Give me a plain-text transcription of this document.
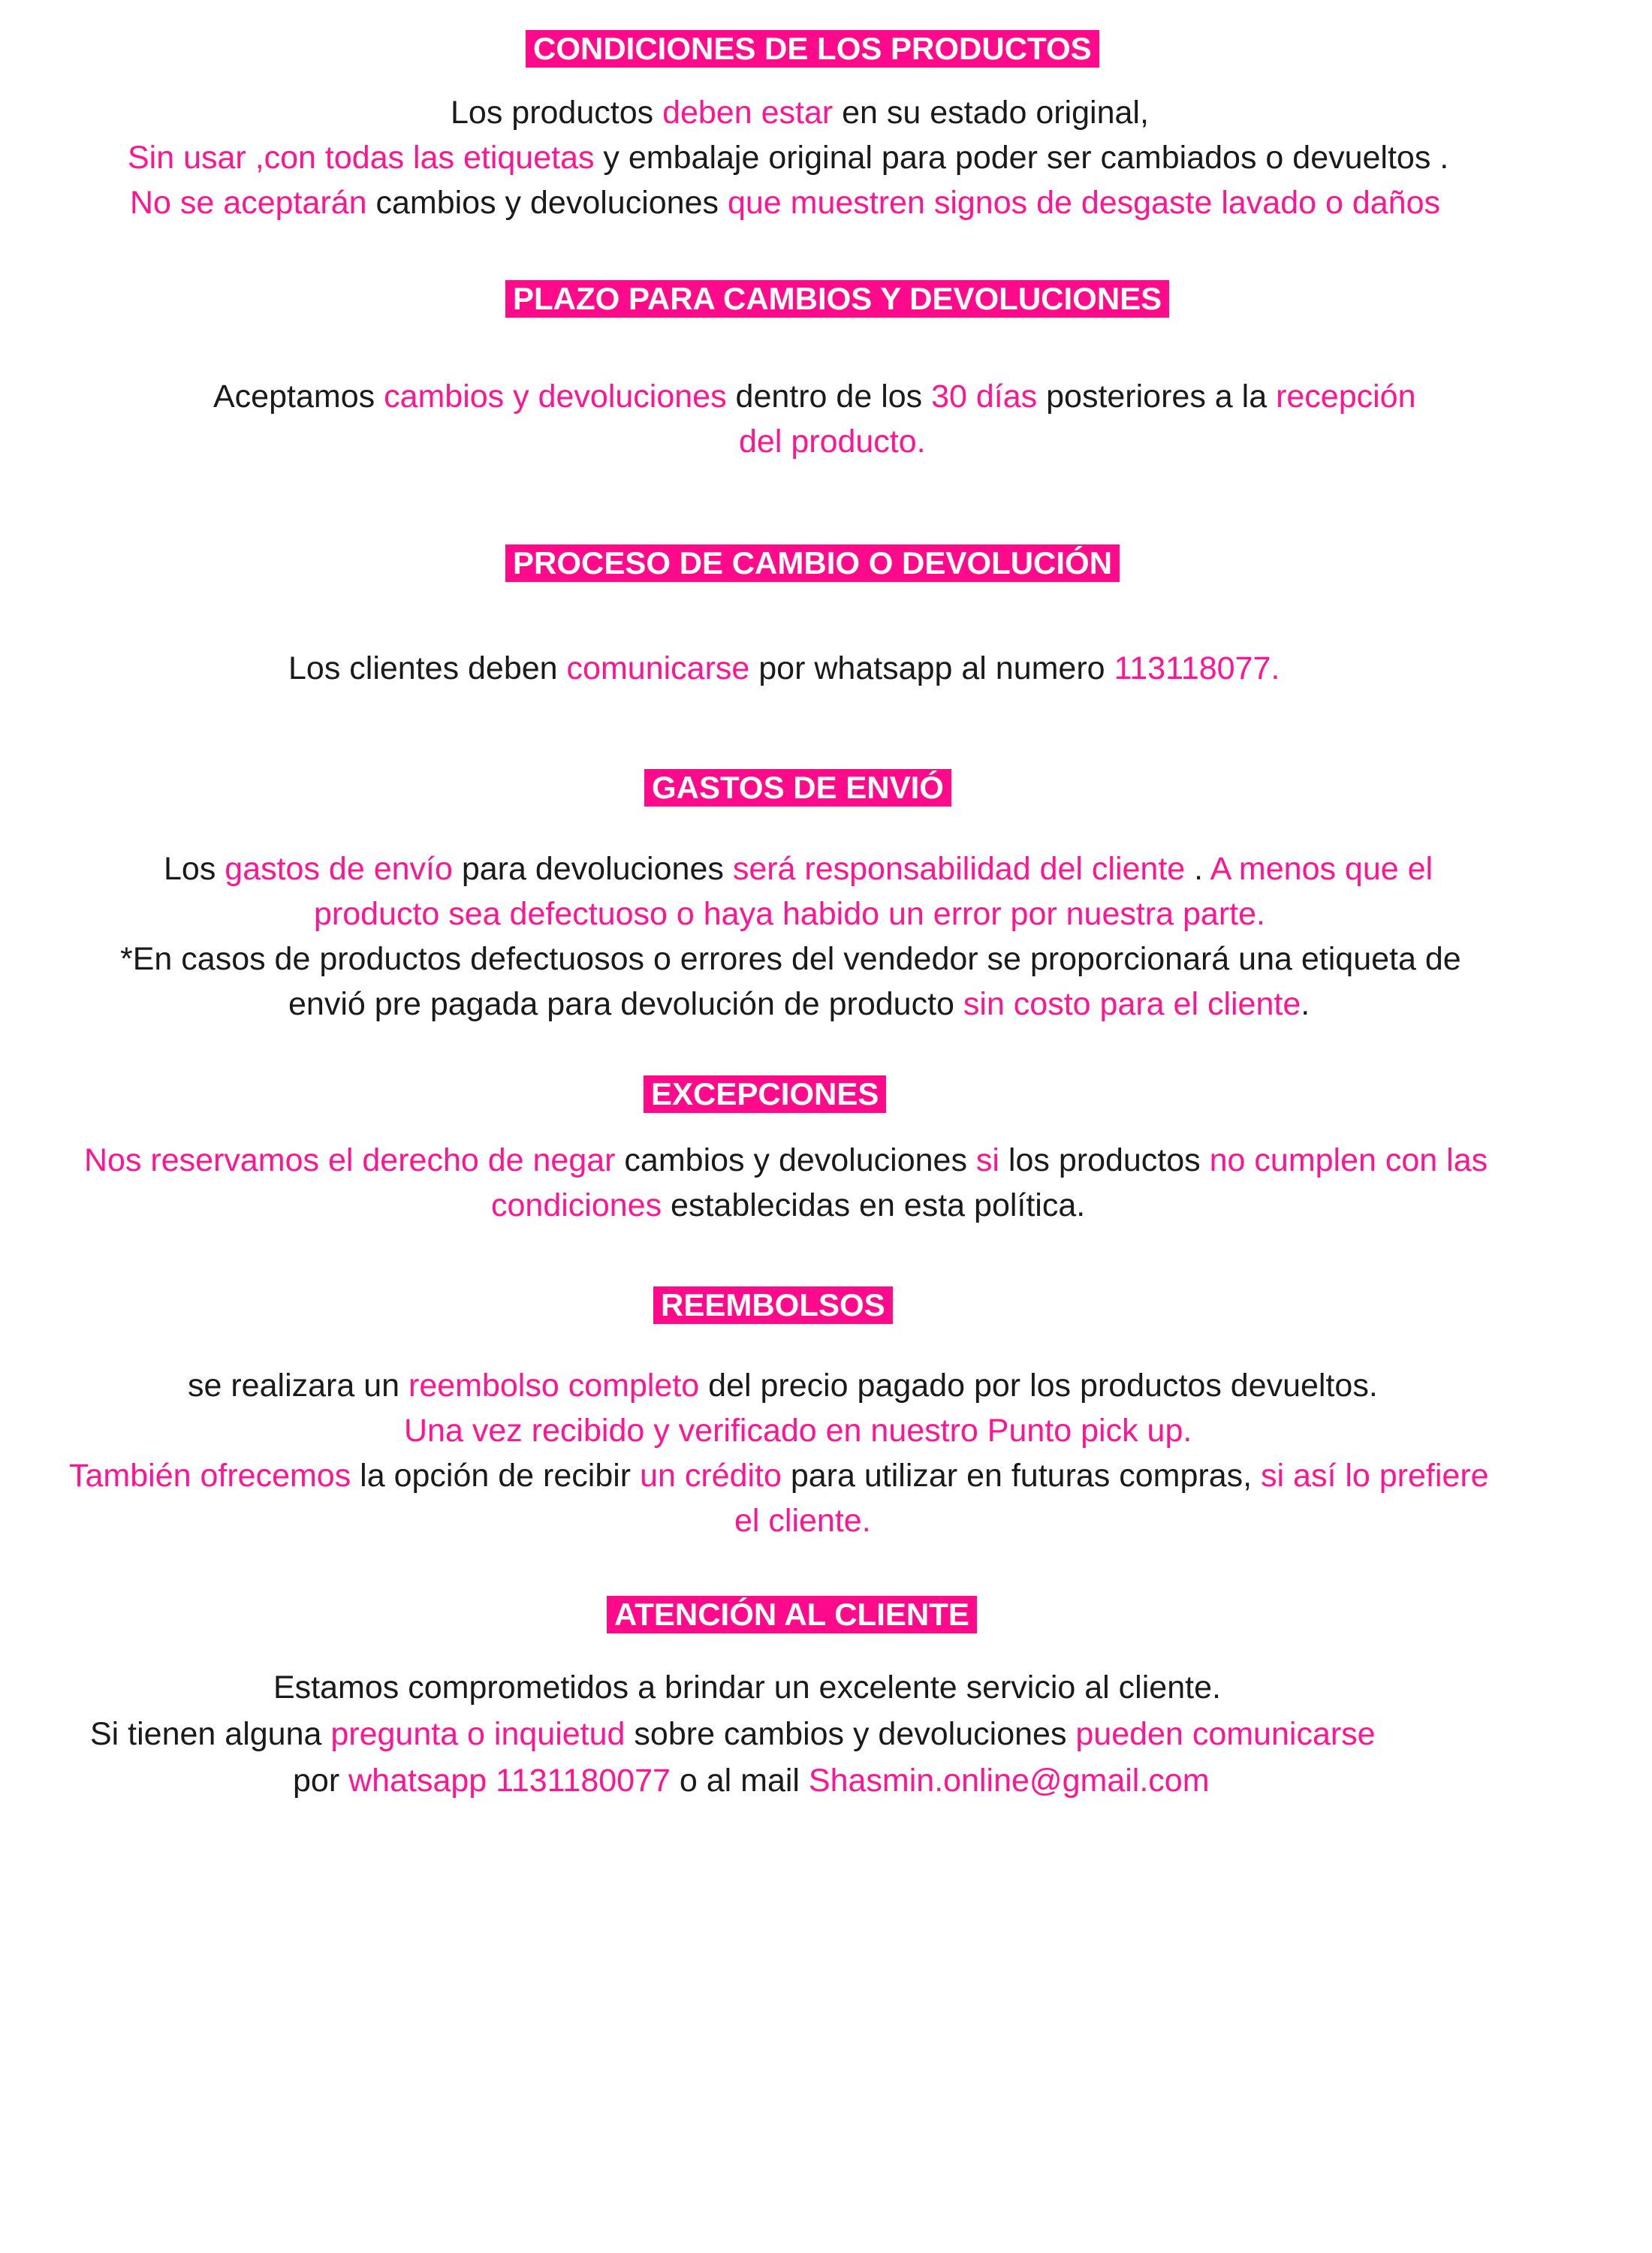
CONDICIONES DE LOS PRODUCTOS
Los productos deben estar en su estado original,
Sin usar ,con todas las etiquetas y embalaje original para poder ser cambiados o devueltos .
No se aceptarán cambios y devoluciones que muestren signos de desgaste lavado o daños
PLAZO PARA CAMBIOS Y DEVOLUCIONES
Aceptamos cambios y devoluciones dentro de los 30 días posteriores a la recepción
del producto.
PROCESO DE CAMBIO O DEVOLUCIÓN
Los clientes deben comunicarse por whatsapp al numero 113118077.
GASTOS DE ENVIÓ
Los gastos de envío para devoluciones será responsabilidad del cliente . A menos que el
producto sea defectuoso o haya habido un error por nuestra parte.
*En casos de productos defectuosos o errores del vendedor se proporcionará una etiqueta de
envió pre pagada para devolución de producto sin costo para el cliente.
EXCEPCIONES
Nos reservamos el derecho de negar cambios y devoluciones si los productos no cumplen con las
condiciones establecidas en esta política.
REEMBOLSOS
se realizara un reembolso completo del precio pagado por los productos devueltos.
Una vez recibido y verificado en nuestro Punto pick up.
También ofrecemos la opción de recibir un crédito para utilizar en futuras compras, si así lo prefiere
el cliente.
ATENCIÓN AL CLIENTE
Estamos comprometidos a brindar un excelente servicio al cliente.
Si tienen alguna pregunta o inquietud sobre cambios y devoluciones pueden comunicarse
por whatsapp 1131180077 o al mail Shasmin.online@gmail.com
